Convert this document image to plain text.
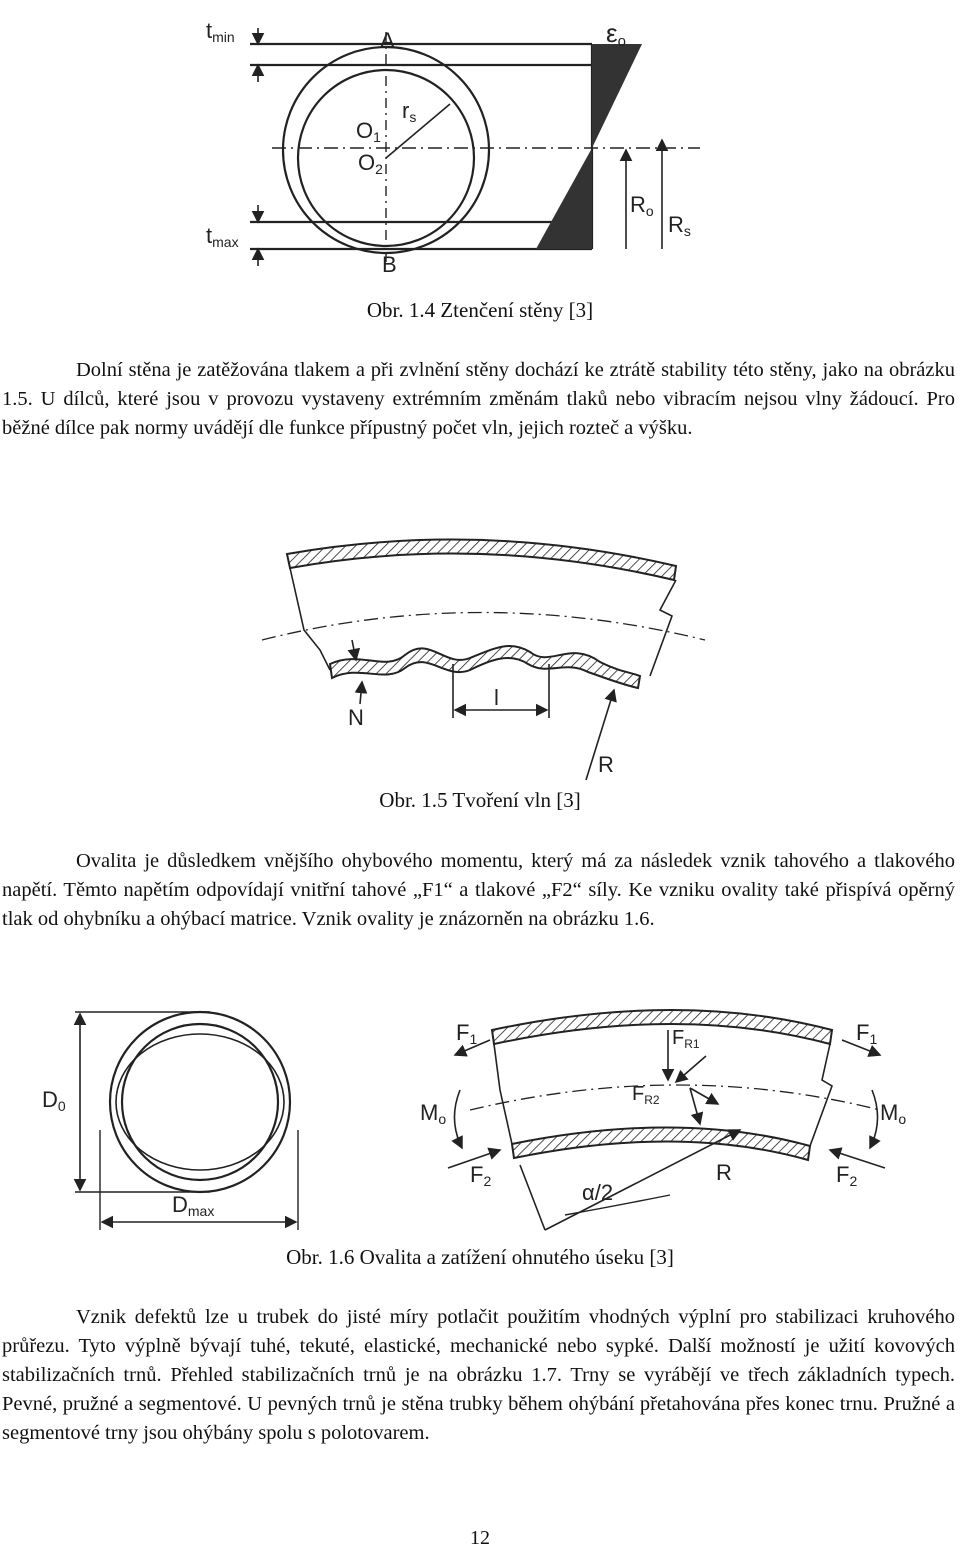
tmin
tmax
A
B
O1
O2
rs
εo
Ro
Rs
Obr. 1.4 Ztenčení stěny [3]

Dolní stěna je zatěžována tlakem a při zvlnění stěny dochází ke ztrátě stability této stěny, jako na obrázku 1.5. U dílců, které jsou v provozu vystaveny extrémním změnám tlaků nebo vibracím nejsou vlny žádoucí. Pro běžné dílce pak normy uvádějí dle funkce přípustný počet vln, jejich rozteč a výšku.

N
l
R
Obr. 1.5 Tvoření vln [3]

Ovalita je důsledkem vnějšího ohybového momentu, který má za následek vznik tahového a tlakového napětí. Těmto napětím odpovídají vnitřní tahové „F1“ a tlakové „F2“ síly. Ke vzniku ovality také přispívá opěrný tlak od ohybníku a ohýbací matrice. Vznik ovality je znázorněn na obrázku 1.6.

D0
Dmax
F1	F1
F2	F2
$F_{R1}$
$F_{R2}$
Mo	Mo
R
α/2
Obr. 1.6 Ovalita a zatížení ohnutého úseku [3]

Vznik defektů lze u trubek do jisté míry potlačit použitím vhodných výplní pro stabilizaci kruhového průřezu. Tyto výplně bývají tuhé, tekuté, elastické, mechanické nebo sypké. Další možností je užití kovových stabilizačních trnů. Přehled stabilizačních trnů je na obrázku 1.7. Trny se vyrábějí ve třech základních typech. Pevné, pružné a segmentové. U pevných trnů je stěna trubky během ohýbání přetahována přes konec trnu. Pružné a segmentové trny jsou ohýbány spolu s polotovarem.

12
